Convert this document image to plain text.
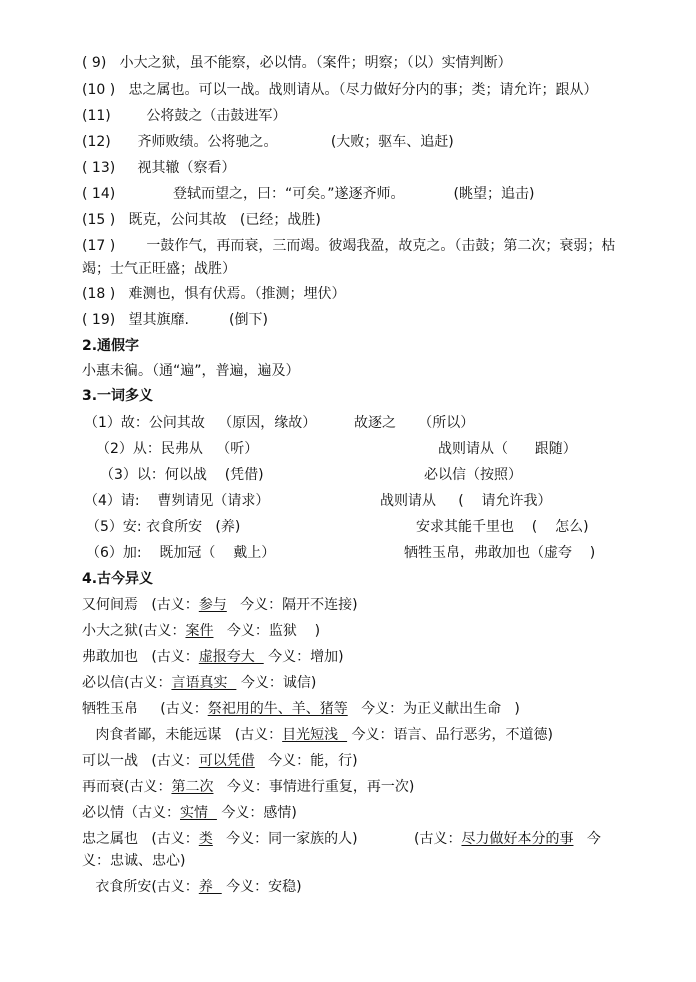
( 9)   小大之狱，虽不能察，必以情。（案件；明察；（以）实情判断）
(10 )   忠之属也。可以一战。战则请从。（尽力做好分内的事；类；请允许；跟从）
(11)        公将鼓之（击鼓进军）
(12)      齐师败绩。公将驰之。            (大败；驱车、追赶)
( 13)     视其辙（察看）
( 14)             登轼而望之，曰：“可矣。”遂逐齐师。           (眺望；追击)
(15 )   既克，公问其故   (已经；战胜)
(17 )       一鼓作气，再而衰，三而竭。彼竭我盈，故克之。（击鼓；第二次；衰弱；枯
竭；士气正旺盛；战胜）
(18 )   难测也，惧有伏焉。（推测；埋伏）
( 19)   望其旗靡.         (倒下)
2.通假字
小惠未徧。（通“遍”，普遍，遍及）
3.一词多义
（1）故：公问其故   （原因，缘故）	故逐之     （所以）
（2）从：民弗从   （听）	战则请从（      跟随）
（3）以：何以战    (凭借)	必以信（按照）
（4）请:    曹刿请见（请求）	战则请从     (    请允许我）
（5）安: 衣食所安   (养)	安求其能千里也    (    怎么)
（6）加:    既加冠（    戴上）	牺牲玉帛，弗敢加也（虚夸    )
4.古今异义
又何间焉   (古义：参与   今义：隔开不连接)
小大之狱(古义：案件   今义：监狱    )
弗敢加也   (古义：虚报夸大   今义：增加)
必以信(古义：言语真实   今义：诚信)
牺牲玉帛     (古义：祭祀用的牛、羊、猪等   今义：为正义献出生命   )
肉食者鄙，未能远谋   (古义：目光短浅   今义：语言、品行恶劣，不道德)
可以一战   (古义：可以凭借   今义：能，行)
再而衰(古义：第二次   今义：事情进行重复，再一次)
必以情（古义：实情   今义：感情)
忠之属也   (古义：类   今义：同一家族的人)	(古义：尽力做好本分的事   今
义：忠诚、忠心)
衣食所安(古义：养   今义：安稳)
